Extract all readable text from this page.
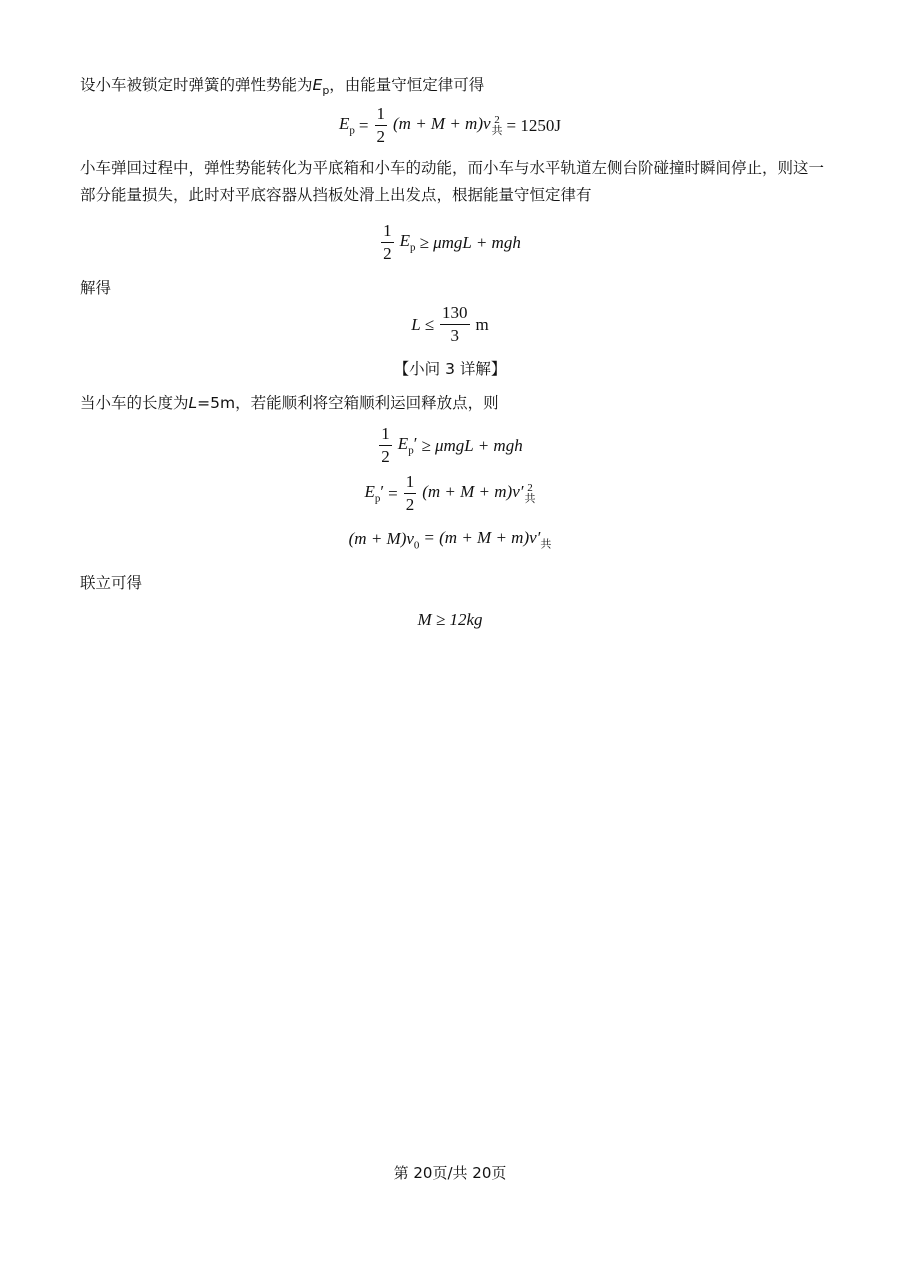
设小车被锁定时弹簧的弹性势能为$E_p$，由能量守恒定律可得
$E_p = \frac{1}{2} (m + M + m)v$ 2
共 = 1250J
小车弹回过程中，弹性势能转化为平底箱和小车的动能，而小车与水平轨道左侧台阶碰撞时瞬间停止，则这一部分能量损失，此时对平底容器从挡板处滑上出发点，根据能量守恒定律有
$\frac{1}{2} E_p \ge \mu mgL$ + mgh
解得
$L \le \frac{130}{3}$ m
【小问 3 详解】
当小车的长度为L=5m，若能顺利将空箱顺利运回释放点，则
$\frac{1}{2} E_p' \ge \mu mgL$ + mgh
$E_p' = \frac{1}{2} (m + M + m)v'$ 2
共
$(m + M)v_0 = (m + M + m)v'_共$
联立可得
M ≥ 12kg
第 20页/共 20页
